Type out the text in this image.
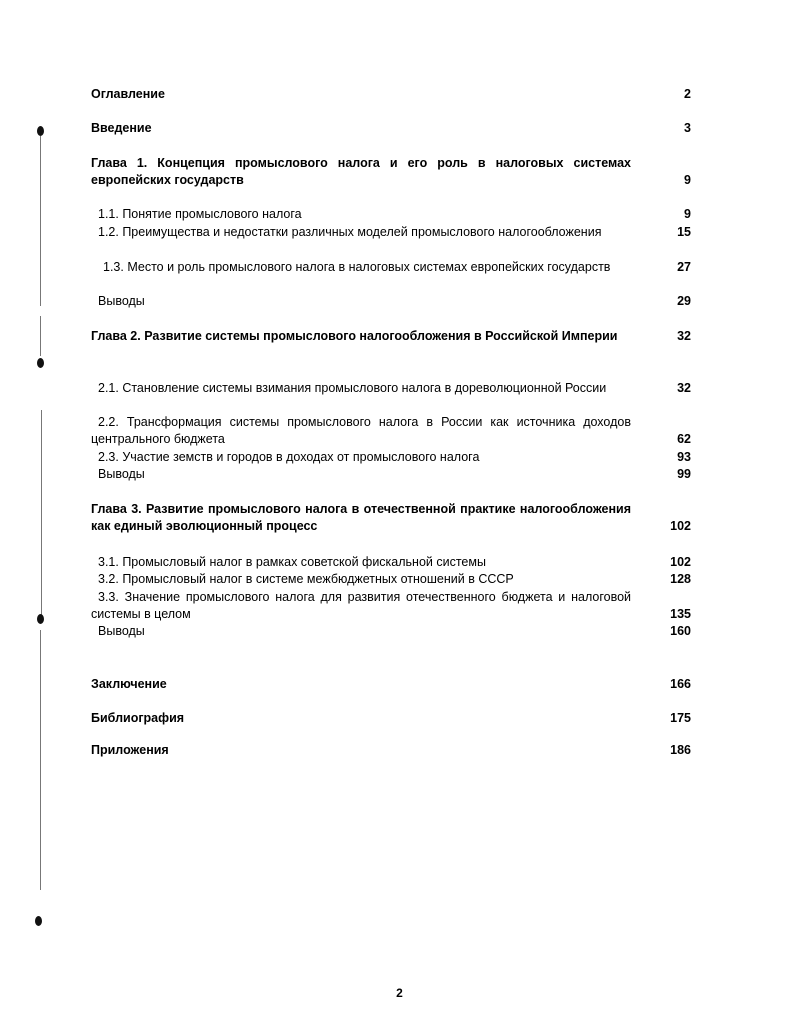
Оглавление	2
Введение	3
Глава 1. Концепция промыслового налога и его роль в налоговых системах европейских государств	9
1.1. Понятие промыслового налога	9
1.2. Преимущества и недостатки различных моделей промыслового налогообложения	15
1.3. Место и роль промыслового налога в налоговых системах европейских государств	27
Выводы	29
Глава 2. Развитие системы промыслового налогообложения в Российской Империи	32
2.1. Становление системы взимания промыслового налога в дореволюционной России	32
2.2. Трансформация системы промыслового налога в России как источника доходов центрального бюджета	62
2.3. Участие земств и городов в доходах от промыслового налога	93
Выводы	99
Глава 3. Развитие промыслового налога в отечественной практике налогообложения как единый эволюционный процесс	102
3.1. Промысловый налог в рамках советской фискальной системы	102
3.2. Промысловый налог в системе межбюджетных отношений в СССР	128
3.3. Значение промыслового налога для развития отечественного бюджета и налоговой системы в целом	135
Выводы	160
Заключение	166
Библиография	175
Приложения	186
2
